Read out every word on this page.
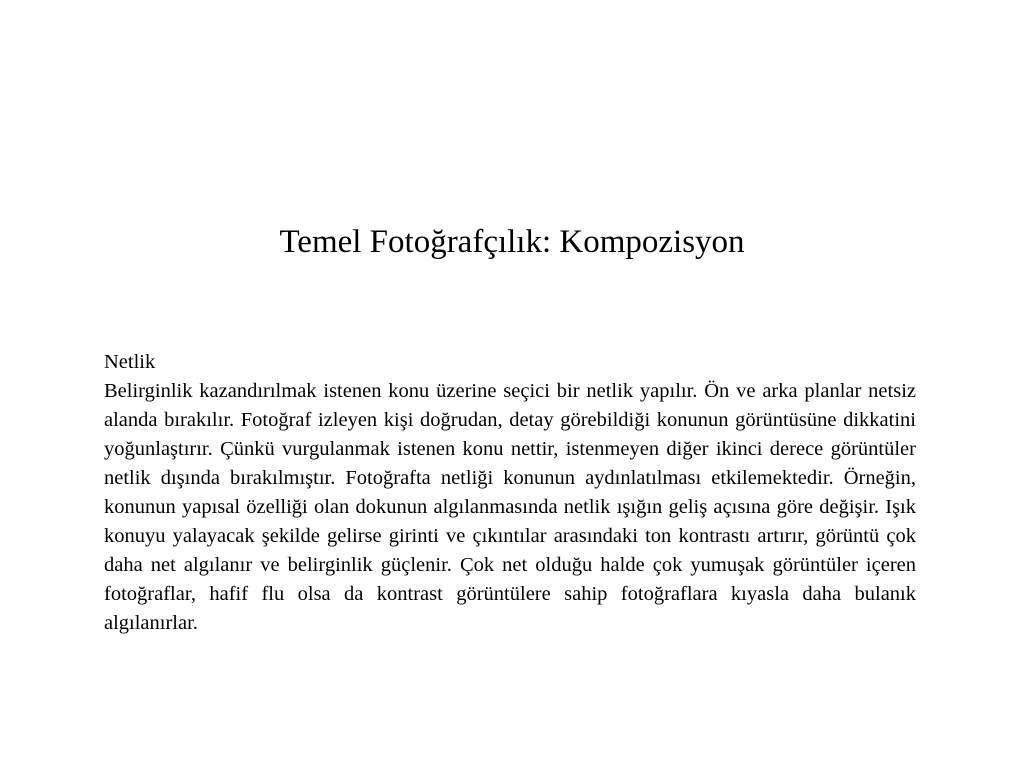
Temel Fotoğrafçılık: Kompozisyon

Netlik

Belirginlik kazandırılmak istenen konu üzerine seçici bir netlik yapılır. Ön ve arka planlar netsiz alanda bırakılır. Fotoğraf izleyen kişi doğrudan, detay görebildiği konunun görüntüsüne dikkatini yoğunlaştırır. Çünkü vurgulanmak istenen konu nettir, istenmeyen diğer ikinci derece görüntüler netlik dışında bırakılmıştır. Fotoğrafta netliği konunun aydınlatılması etkilemektedir. Örneğin, konunun yapısal özelliği olan dokunun algılanmasında netlik ışığın geliş açısına göre değişir. Işık konuyu yalayacak şekilde gelirse girinti ve çıkıntılar arasındaki ton kontrastı artırır, görüntü çok daha net algılanır ve belirginlik güçlenir. Çok net olduğu halde çok yumuşak görüntüler içeren fotoğraflar, hafif flu olsa da kontrast görüntülere sahip fotoğraflara kıyasla daha bulanık algılanırlar.
